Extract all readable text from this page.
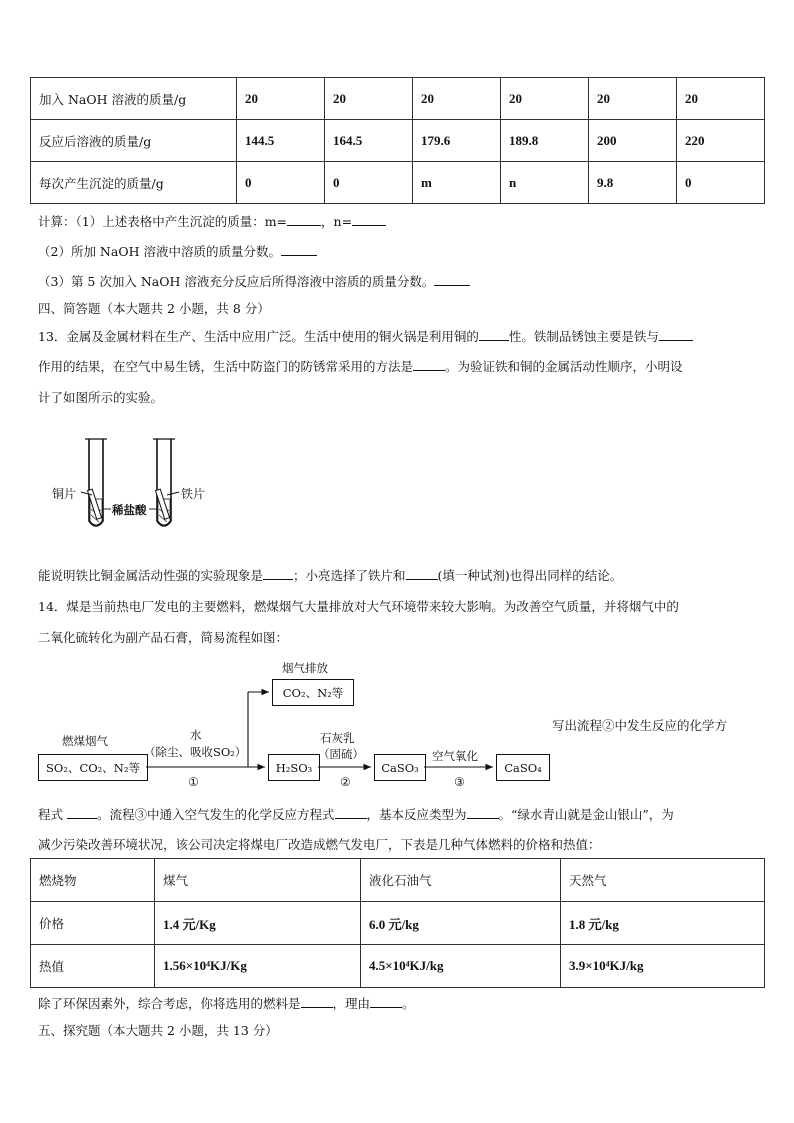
加入 NaOH 溶液的质量/g	20	20	20	20	20	20
反应后溶液的质量/g	144.5	164.5	179.6	189.8	200	220
每次产生沉淀的质量/g	0	0	m	n	9.8	0
计算：（1）上述表格中产生沉淀的质量：m=	，n=
（2）所加 NaOH 溶液中溶质的质量分数。
（3）第 5 次加入 NaOH 溶液充分反应后所得溶液中溶质的质量分数。
四、简答题（本大题共 2 小题，共 8 分）
13．金属及金属材料在生产、生活中应用广泛。生活中使用的铜火锅是利用铜的 性。铁制品锈蚀主要是铁与
作用的结果，在空气中易生锈，生活中防盗门的防锈常采用的方法是	。为验证铁和铜的金属活动性顺序，小明设
计了如图所示的实验。
铜片
稀盐酸
铁片
能说明铁比铜金属活动性强的实验现象是 ；小亮选择了铁片和	(填一种试剂)也得出同样的结论。
14．煤是当前热电厂发电的主要燃料，燃煤烟气大量排放对大气环境带来较大影响。为改善空气质量，并将烟气中的
二氧化硫转化为副产品石膏，简易流程如图：
烟气排放
CO₂、N₂等
燃煤烟气
SO₂、CO₂、N₂等
水
（除尘、吸收SO₂）
①
H₂SO₃
石灰乳
（固硫）
②
CaSO₃
空气氧化
③
CaSO₄
写出流程②中发生反应的化学方
程式 。流程③中通入空气发生的化学反应方程式	，基本反应类型为	。“绿水青山就是金山银山”，为
减少污染改善环境状况，该公司决定将煤电厂改造成燃气发电厂，下表是几种气体燃料的价格和热值：
燃烧物	煤气	液化石油气	天然气
价格	1.4 元/Kg	6.0 元/kg	1.8 元/kg
热值	1.56×10⁴KJ/Kg	4.5×10⁴KJ/kg	3.9×10⁴KJ/kg
除了环保因素外，综合考虑，你将选用的燃料是	，理由	。
五、探究题（本大题共 2 小题，共 13 分）
